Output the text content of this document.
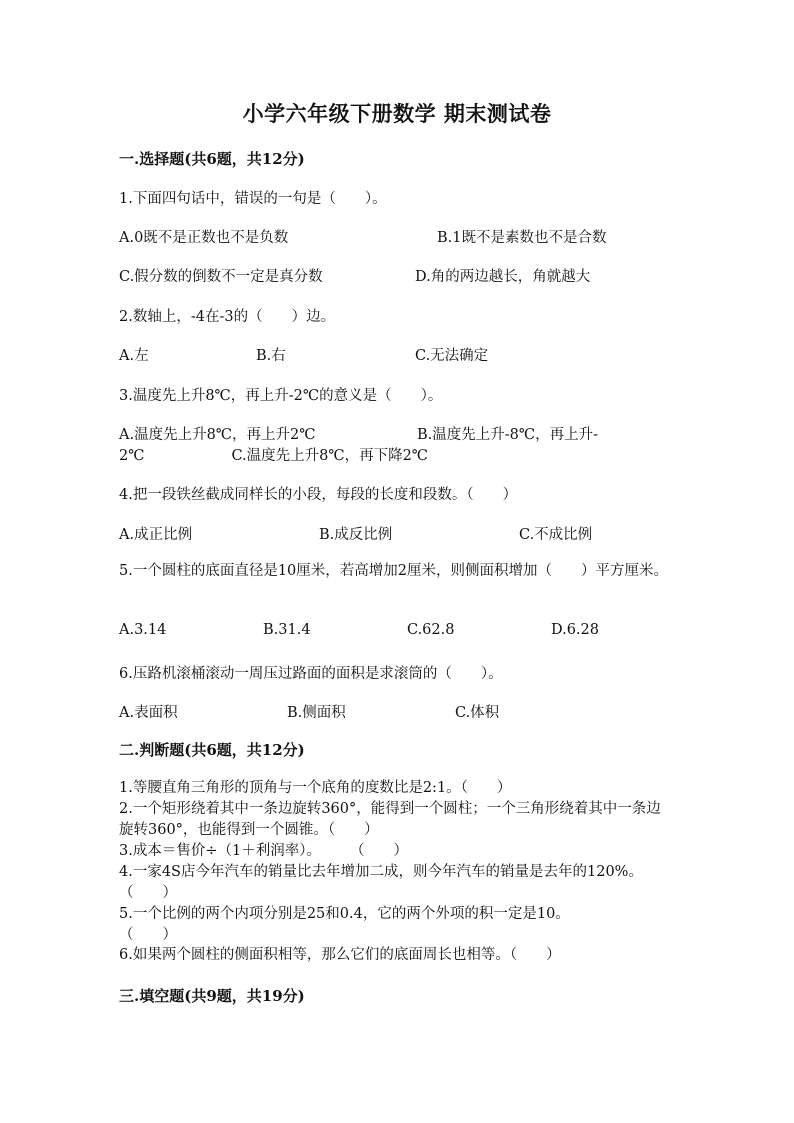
小学六年级下册数学 期末测试卷
一.选择题(共6题，共12分)
1.下面四句话中，错误的一句是（　　）。
A.0既不是正数也不是负数	B.1既不是素数也不是合数
C.假分数的倒数不一定是真分数	D.角的两边越长，角就越大
2.数轴上，-4在-3的（　　）边。
A.左	B.右	C.无法确定
3.温度先上升8℃，再上升-2℃的意义是（　　）。
A.温度先上升8℃，再上升2℃　　　　　　　B.温度先上升-8℃，再上升-
2℃　　　　　　C.温度先上升8℃，再下降2℃
4.把一段铁丝截成同样长的小段，每段的长度和段数。（　　）
A.成正比例	B.成反比例	C.不成比例
5.一个圆柱的底面直径是10厘米，若高增加2厘米，则侧面积增加（　　）平方厘米。
A.3.14	B.31.4	C.62.8	D.6.28
6.压路机滚桶滚动一周压过路面的面积是求滚筒的（　　）。
A.表面积	B.侧面积	C.体积
二.判断题(共6题，共12分)
1.等腰直角三角形的顶角与一个底角的度数比是2:1。（　　）
2.一个矩形绕着其中一条边旋转360°，能得到一个圆柱；一个三角形绕着其中一条边旋转360°，也能得到一个圆锥。（　　）
3.成本＝售价÷（1＋利润率）。　　　（　　）
4.一家4S店今年汽车的销量比去年增加二成，则今年汽车的销量是去年的120%。　　　（　　）
5.一个比例的两个内项分别是25和0.4，它的两个外项的积一定是10。　　　　（　　）
6.如果两个圆柱的侧面积相等，那么它们的底面周长也相等。（　　）
三.填空题(共9题，共19分)
